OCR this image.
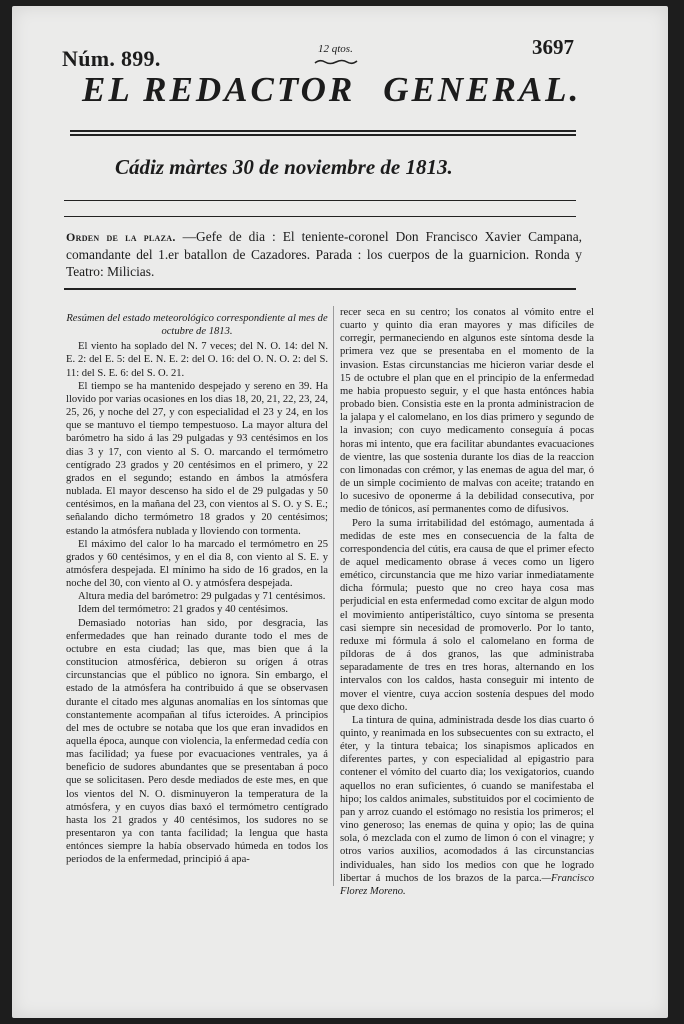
Núm. 899.	12 qtos.	3697
EL REDACTOR GENERAL.
Cádiz màrtes 30 de noviembre de 1813.
Orden de la plaza. —Gefe de dia : El teniente-coronel Don Francisco Xavier Campana, comandante del 1.er batallon de Cazadores. Parada : los cuerpos de la guarnicion. Ronda y Teatro: Milicias.

Resúmen del estado meteorológico correspondiente al mes de octubre de 1813.

El viento ha soplado del N. 7 veces; del N. O. 14: del N. E. 2: del E. 5: del E. N. E. 2: del O. 16: del O. N. O. 2: del S. 11: del S. E. 6: del S. O. 21.

El tiempo se ha mantenido despejado y sereno en 39. Ha llovido por varias ocasiones en los dias 18, 20, 21, 22, 23, 24, 25, 26, y noche del 27, y con especialidad el 23 y 24, en los que se mantuvo el tiempo tempestuoso. La mayor altura del barómetro ha sido á las 29 pulgadas y 93 centésimos en los dias 3 y 17, con viento al S. O. marcando el termómetro centígrado 23 grados y 20 centésimos en el primero, y 22 grados en el segundo; estando en ámbos la atmósfera nublada. El mayor descenso ha sido el de 29 pulgadas y 50 centésimos, en la mañana del 23, con vientos al S. O. y S. E.; señalando dicho termómetro 18 grados y 20 centésimos; estando la atmósfera nublada y lloviendo con tormenta.

El máximo del calor lo ha marcado el termómetro en 25 grados y 60 centésimos, y en el dia 8, con viento al S. E. y atmósfera despejada. El mínimo ha sido de 16 grados, en la noche del 30, con viento al O. y atmósfera despejada.

Altura media del barómetro: 29 pulgadas y 71 centésimos.

Idem del termómetro: 21 grados y 40 centésimos.

Demasiado notorias han sido, por desgracia, las enfermedades que han reinado durante todo el mes de octubre en esta ciudad; las que, mas bien que á la constitucion atmosférica, debieron su orígen á otras circunstancias que el público no ignora. Sin embargo, el estado de la atmósfera ha contribuido á que se observasen durante el citado mes algunas anomalías en los síntomas que constantemente acompañan al tifus icteroides. A principios del mes de octubre se notaba que los que eran invadidos en aquella época, aunque con violencia, la enfermedad cedía con mas facilidad; ya fuese por evacuaciones ventrales, ya á beneficio de sudores abundantes que se presentaban á poco que se solicitasen. Pero desde mediados de este mes, en que los vientos del N. O. disminuyeron la temperatura de la atmósfera, y en cuyos dias baxó el termómetro centígrado hasta los 21 grados y 40 centésimos, los sudores no se presentaron ya con tanta facilidad; la lengua que hasta entónces siempre la había observado húmeda en todos los periodos de la enfermedad, principió á apa-

recer seca en su centro; los conatos al vómito entre el cuarto y quinto dia eran mayores y mas difíciles de corregir, permaneciendo en algunos este síntoma desde la primera vez que se presentaba en el momento de la invasion. Estas circunstancias me hicieron variar desde el 15 de octubre el plan que en el principio de la enfermedad me habia propuesto seguir, y el que hasta entónces habia probado bien. Consistia este en la pronta administracion de la jalapa y el calomelano, en los dias primero y segundo de la invasion; con cuyo medicamento conseguía á pocas horas mi intento, que era facilitar abundantes evacuaciones de vientre, las que sostenia durante los dias de la reaccion con limonadas con crémor, y las enemas de agua del mar, ó de un simple cocimiento de malvas con aceite; tratando en lo sucesivo de oponerme á la debilidad consecutiva, por medio de tónicos, así permanentes como de difusivos.

Pero la suma irritabilidad del estómago, aumentada á medidas de este mes en consecuencia de la falta de correspondencia del cútis, era causa de que el primer efecto de aquel medicamento obrase á veces como un ligero emético, circunstancia que me hizo variar inmediatamente dicha fórmula; puesto que no creo haya cosa mas perjudicial en esta enfermedad como excitar de algun modo el movimiento antiperistáltico, cuyo síntoma se presenta casi siempre sin necesidad de promoverlo. Por lo tanto, reduxe mi fórmula á solo el calomelano en forma de píldoras de á dos granos, las que administraba separadamente de tres en tres horas, alternando en los intervalos con los caldos, hasta conseguir mi intento de mover el vientre, cuya accion sostenía despues del modo que dexo dicho.

La tintura de quina, administrada desde los dias cuarto ó quinto, y reanimada en los subsecuentes con su extracto, el éter, y la tintura tebaica; los sinapismos aplicados en diferentes partes, y con especialidad al epigastrio para contener el vómito del cuarto dia; los vexigatorios, cuando aquellos no eran suficientes, ó cuando se manifestaba el hipo; los caldos animales, substituidos por el cocimiento de pan y arroz cuando el estómago no resistia los primeros; el vino generoso; las enemas de quina y opio; las de quina sola, ó mezclada con el zumo de limon ó con el vinagre; y otros varios auxilios, acomodados á las circunstancias individuales, han sido los medios con que he logrado libertar á muchos de los brazos de la parca.—Francisco Florez Moreno.
